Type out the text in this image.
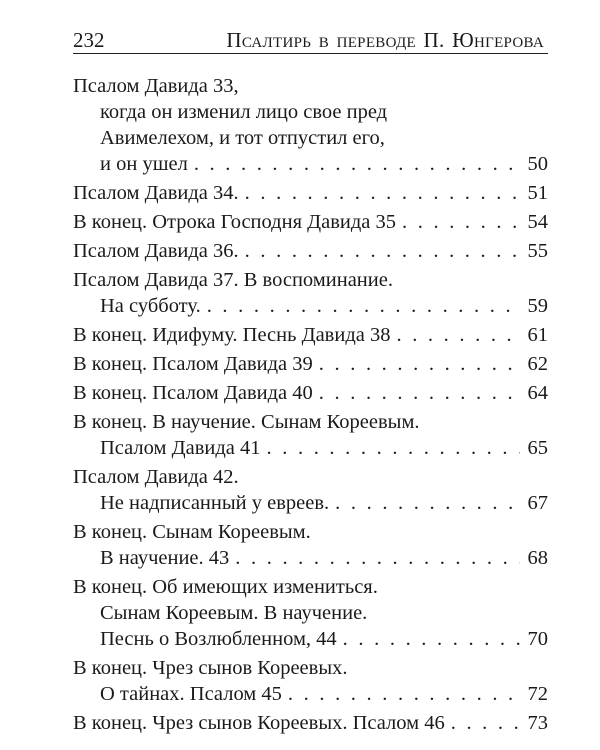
232	Псалтирь в переводе П. Юнгерова
Псалом Давида 33,
когда он изменил лицо свое пред
Авимелехом, и тот отпустил его,
и он ушел .....	50
Псалом Давида 34. .....	51
В конец. Отрока Господня Давида 35 .....	54
Псалом Давида 36. .....	55
Псалом Давида 37. В воспоминание.
На субботу. .....	59
В конец. Идифуму. Песнь Давида 38 .....	61
В конец. Псалом Давида 39 .....	62
В конец. Псалом Давида 40 .....	64
В конец. В научение. Сынам Кореевым.
Псалом Давида 41 .....	65
Псалом Давида 42.
Не надписанный у евреев. .....	67
В конец. Сынам Кореевым.
В научение. 43 .....	68
В конец. Об имеющих измениться.
Сынам Кореевым. В научение.
Песнь о Возлюбленном, 44 .....	70
В конец. Чрез сынов Кореевых.
О тайнах. Псалом 45 .....	72
В конец. Чрез сынов Кореевых. Псалом 46 .....	73
